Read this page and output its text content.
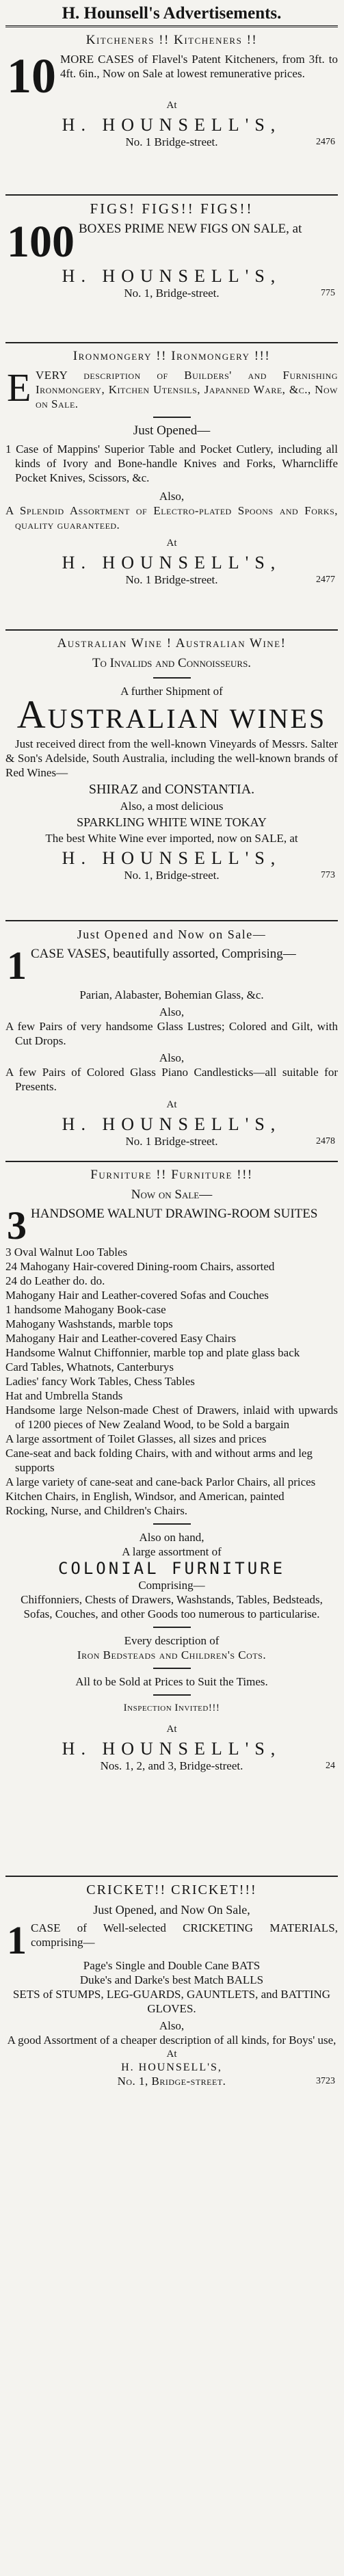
H. Hounsell's Advertisements.
Kitcheners !! Kitcheners !!
10 MORE CASES of Flavel's Patent Kitcheners, from 3ft. to 4ft. 6in., Now on Sale at lowest remunerative prices.
At
H. HOUNSELL'S,
No. 1 Bridge-street.	2476
FIGS! FIGS!! FIGS!!
100 BOXES PRIME NEW FIGS ON SALE, at
H. HOUNSELL'S,
No. 1, Bridge-street.	775
Ironmongery !! Ironmongery !!!
E VERY description of Builders' and Furnishing Ironmongery, Kitchen Utensils, Japanned Ware, &c., Now on Sale.
Just Opened—
1 Case of Mappins' Superior Table and Pocket Cutlery, including all kinds of Ivory and Bone-handle Knives and Forks, Wharncliffe Pocket Knives, Scissors, &c.
Also,
A Splendid Assortment of Electro-plated Spoons and Forks, quality guaranteed.
At
H. HOUNSELL'S,
No. 1 Bridge-street.	2477
Australian Wine ! Australian Wine!
To Invalids and Connoisseurs.
A further Shipment of
AUSTRALIAN WINES
Just received direct from the well-known Vineyards of Messrs. Salter & Son's Adelside, South Australia, including the well-known brands of Red Wines—
SHIRAZ and CONSTANTIA.
Also, a most delicious
SPARKLING WHITE WINE TOKAY
The best White Wine ever imported, now on SALE, at
H. HOUNSELL'S,
No. 1, Bridge-street.	773
Just Opened and Now on Sale—
1 CASE VASES, beautifully assorted, Comprising—
Parian, Alabaster, Bohemian Glass, &c.
Also,
A few Pairs of very handsome Glass Lustres; Colored and Gilt, with Cut Drops.
Also,
A few Pairs of Colored Glass Piano Candlesticks—all suitable for Presents.
At
H. HOUNSELL'S,
No. 1 Bridge-street.	2478
Furniture !! Furniture !!!
Now on Sale—
3 HANDSOME WALNUT DRAWING-ROOM SUITES
3 Oval Walnut Loo Tables
24 Mahogany Hair-covered Dining-room Chairs, assorted
24 do Leather do. do.
Mahogany Hair and Leather-covered Sofas and Couches
1 handsome Mahogany Book-case
Mahogany Washstands, marble tops
Mahogany Hair and Leather-covered Easy Chairs
Handsome Walnut Chiffonnier, marble top and plate glass back
Card Tables, Whatnots, Canterburys
Ladies' fancy Work Tables, Chess Tables
Hat and Umbrella Stands
Handsome large Nelson-made Chest of Drawers, inlaid with upwards of 1200 pieces of New Zealand Wood, to be Sold a bargain
A large assortment of Toilet Glasses, all sizes and prices
Cane-seat and back folding Chairs, with and without arms and leg supports
A large variety of cane-seat and cane-back Parlor Chairs, all prices
Kitchen Chairs, in English, Windsor, and American, painted
Rocking, Nurse, and Children's Chairs.
Also on hand,
A large assortment of
COLONIAL FURNITURE
Comprising—
Chiffonniers, Chests of Drawers, Washstands, Tables, Bedsteads, Sofas, Couches, and other Goods too numerous to particularise.
Every description of
Iron Bedsteads and Children's Cots.
All to be Sold at Prices to Suit the Times.
Inspection Invited!!!
At
H. HOUNSELL'S,
Nos. 1, 2, and 3, Bridge-street.	24
CRICKET!! CRICKET!!!
Just Opened, and Now On Sale,
1 CASE of Well-selected CRICKETING MATERIALS, comprising—
Page's Single and Double Cane BATS
Duke's and Darke's best Match BALLS
SETS of STUMPS, LEG-GUARDS, GAUNTLETS, and BATTING GLOVES.
Also,
A good Assortment of a cheaper description of all kinds, for Boys' use,
At
H. HOUNSELL'S,
No. 1, Bridge-street.	3723
